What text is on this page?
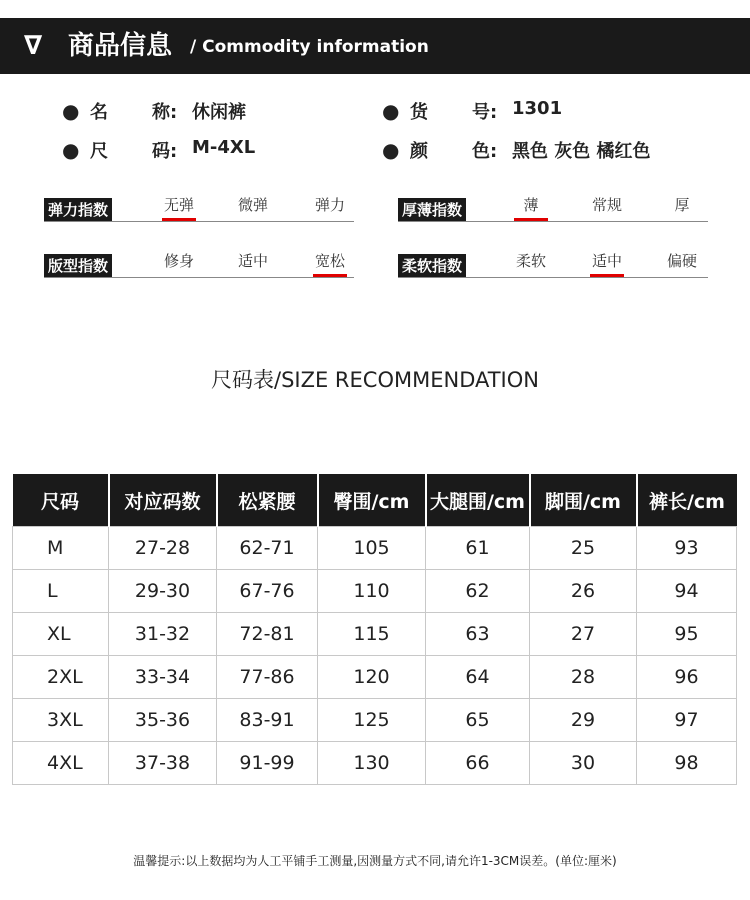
∇ 商品信息 / Commodity information
● 名 称: 休闲裤	● 货 号: 1301
● 尺 码: M-4XL	● 颜 色: 黑色 灰色 橘红色
弹力指数	无弹	微弹	弹力	厚薄指数	薄	常规	厚
版型指数	修身	适中	宽松	柔软指数	柔软	适中	偏硬
尺码表/SIZE RECOMMENDATION
尺码	对应码数	松紧腰	臀围/cm	大腿围/cm	脚围/cm	裤长/cm
M	27-28	62-71	105	61	25	93
L	29-30	67-76	110	62	26	94
XL	31-32	72-81	115	63	27	95
2XL	33-34	77-86	120	64	28	96
3XL	35-36	83-91	125	65	29	97
4XL	37-38	91-99	130	66	30	98
温馨提示:以上数据均为人工平铺手工测量,因测量方式不同,请允许1-3CM误差。(单位:厘米)
